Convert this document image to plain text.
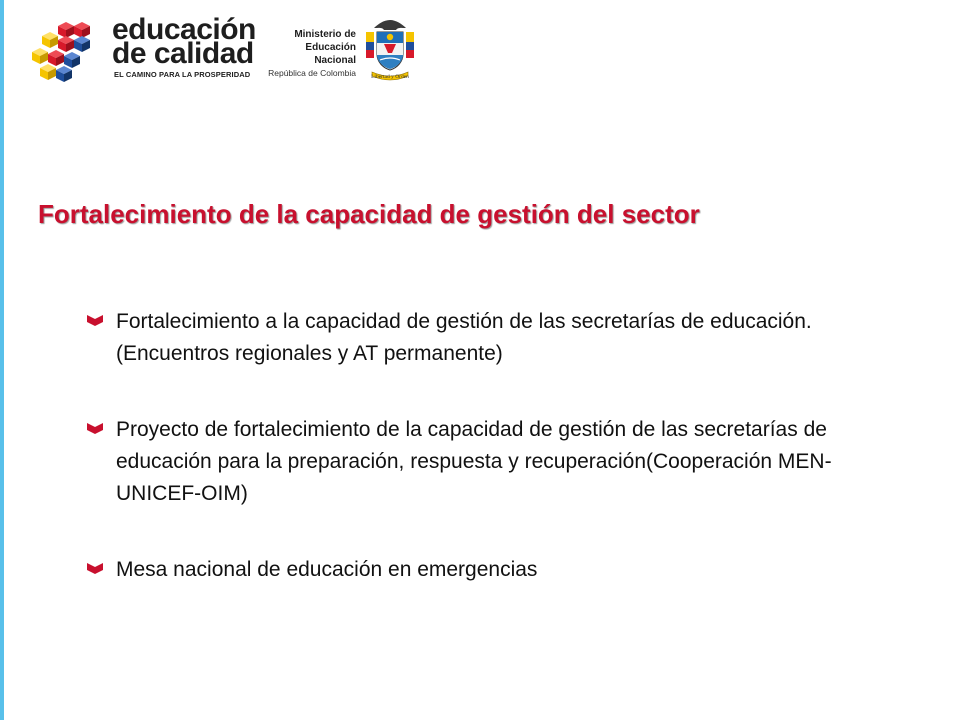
educación
de calidad
EL CAMINO PARA LA PROSPERIDAD
Ministerio de
Educación Nacional
República de Colombia	Libertad y Orden
Fortalecimiento de la capacidad de gestión del sector
Fortalecimiento a la capacidad de gestión de las secretarías de educación. (Encuentros regionales y AT permanente)
Proyecto de fortalecimiento de la capacidad de gestión de las secretarías de educación para la preparación, respuesta y recuperación(Cooperación MEN-UNICEF-OIM)
Mesa nacional de educación en emergencias
